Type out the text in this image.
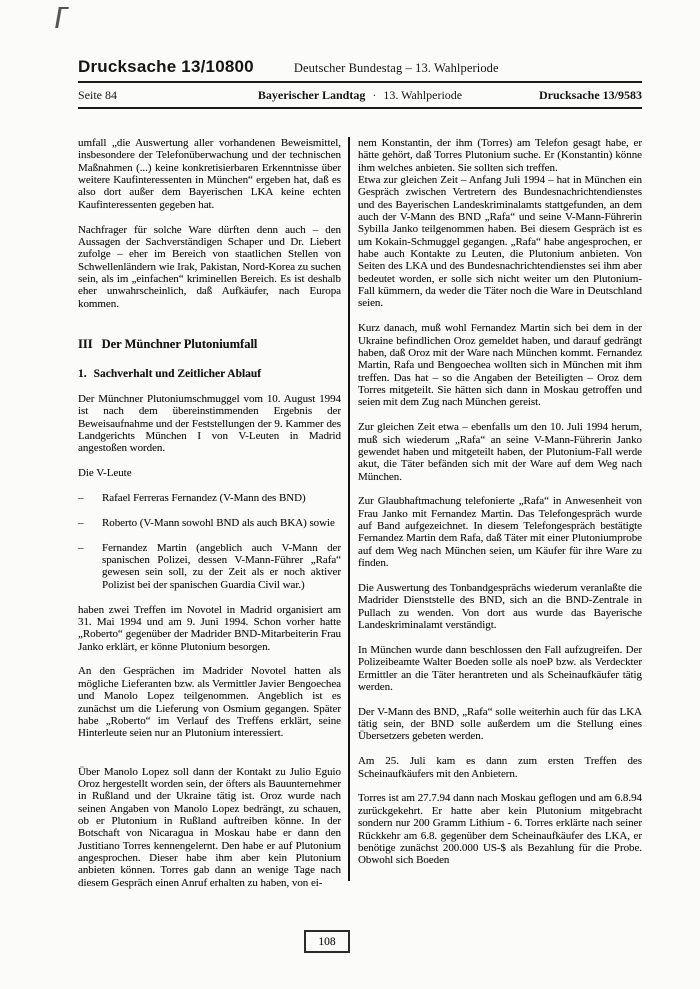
Drucksache 13/10800	Deutscher Bundestag – 13. Wahlperiode
Seite 84	Bayerischer Landtag · 13. Wahlperiode	Drucksache 13/9583

umfall „die Auswertung aller vorhandenen Beweismittel, insbesondere der Telefonüberwachung und der technischen Maßnahmen (...) keine konkretisierbaren Erkenntnisse über weitere Kaufinteressenten in München“ ergeben hat, daß es also dort außer dem Bayerischen LKA keine echten Kaufinteressenten gegeben hat.

Nachfrager für solche Ware dürften denn auch – den Aussagen der Sachverständigen Schaper und Dr. Liebert zufolge – eher im Bereich von staatlichen Stellen von Schwellenländern wie Irak, Pakistan, Nord-Korea zu suchen sein, als im „einfachen“ kriminellen Bereich. Es ist deshalb eher unwahrscheinlich, daß Aufkäufer, nach Europa kommen.

III Der Münchner Plutoniumfall
1. Sachverhalt und Zeitlicher Ablauf

Der Münchner Plutoniumschmuggel vom 10. August 1994 ist nach dem übereinstimmenden Ergebnis der Beweisaufnahme und der Feststellungen der 9. Kammer des Landgerichts München I von V-Leuten in Madrid angestoßen worden.

Die V-Leute

–	Rafael Ferreras Fernandez (V-Mann des BND)
–	Roberto (V-Mann sowohl BND als auch BKA) sowie
–	Fernandez Martin (angeblich auch V-Mann der spanischen Polizei, dessen V-Mann-Führer „Rafa“ gewesen sein soll, zu der Zeit als er noch aktiver Polizist bei der spanischen Guardia Civil war.)

haben zwei Treffen im Novotel in Madrid organisiert am 31. Mai 1994 und am 9. Juni 1994. Schon vorher hatte „Roberto“ gegenüber der Madrider BND-Mitarbeiterin Frau Janko erklärt, er könne Plutonium besorgen.

An den Gesprächen im Madrider Novotel hatten als mögliche Lieferanten bzw. als Vermittler Javier Bengoechea und Manolo Lopez teilgenommen. Angeblich ist es zunächst um die Lieferung von Osmium gegangen. Später habe „Roberto“ im Verlauf des Treffens erklärt, seine Hinterleute seien nur an Plutonium interessiert.

Über Manolo Lopez soll dann der Kontakt zu Julio Eguio Oroz hergestellt worden sein, der öfters als Bauunternehmer in Rußland und der Ukraine tätig ist. Oroz wurde nach seinen Angaben von Manolo Lopez bedrängt, zu schauen, ob er Plutonium in Rußland auftreiben könne. In der Botschaft von Nicaragua in Moskau habe er dann den Justitiano Torres kennengelernt. Den habe er auf Plutonium angesprochen. Dieser habe ihm aber kein Plutonium anbieten können. Torres gab dann an wenige Tage nach diesem Gespräch einen Anruf erhalten zu haben, von ei-

nem Konstantin, der ihm (Torres) am Telefon gesagt habe, er hätte gehört, daß Torres Plutonium suche. Er (Konstantin) könne ihm welches anbieten. Sie sollten sich treffen.

Etwa zur gleichen Zeit – Anfang Juli 1994 – hat in München ein Gespräch zwischen Vertretern des Bundesnachrichtendienstes und des Bayerischen Landeskriminalamts stattgefunden, an dem auch der V-Mann des BND „Rafa“ und seine V-Mann-Führerin Sybilla Janko teilgenommen haben. Bei diesem Gespräch ist es um Kokain-Schmuggel gegangen. „Rafa“ habe angesprochen, er habe auch Kontakte zu Leuten, die Plutonium anbieten. Von Seiten des LKA und des Bundesnachrichtendienstes sei ihm aber bedeutet worden, er solle sich nicht weiter um den Plutonium-Fall kümmern, da weder die Täter noch die Ware in Deutschland seien.

Kurz danach, muß wohl Fernandez Martin sich bei dem in der Ukraine befindlichen Oroz gemeldet haben, und darauf gedrängt haben, daß Oroz mit der Ware nach München kommt. Fernandez Martin, Rafa und Bengoechea wollten sich in München mit ihm treffen. Das hat – so die Angaben der Beteiligten – Oroz dem Torres mitgeteilt. Sie hätten sich dann in Moskau getroffen und seien mit dem Zug nach München gereist.

Zur gleichen Zeit etwa – ebenfalls um den 10. Juli 1994 herum, muß sich wiederum „Rafa“ an seine V-Mann-Führerin Janko gewendet haben und mitgeteilt haben, der Plutonium-Fall werde akut, die Täter befänden sich mit der Ware auf dem Weg nach München.

Zur Glaubhaftmachung telefonierte „Rafa“ in Anwesenheit von Frau Janko mit Fernandez Martin. Das Telefongespräch wurde auf Band aufgezeichnet. In diesem Telefongespräch bestätigte Fernandez Martin dem Rafa, daß Täter mit einer Plutoniumprobe auf dem Weg nach München seien, um Käufer für ihre Ware zu finden.

Die Auswertung des Tonbandgesprächs wiederum veranlaßte die Madrider Dienststelle des BND, sich an die BND-Zentrale in Pullach zu wenden. Von dort aus wurde das Bayerische Landeskriminalamt verständigt.

In München wurde dann beschlossen den Fall aufzugreifen. Der Polizeibeamte Walter Boeden solle als noeP bzw. als Verdeckter Ermittler an die Täter herantreten und als Scheinaufkäufer tätig werden.

Der V-Mann des BND, „Rafa“ solle weiterhin auch für das LKA tätig sein, der BND solle außerdem um die Stellung eines Übersetzers gebeten werden.

Am 25. Juli kam es dann zum ersten Treffen des Scheinaufkäufers mit den Anbietern.

Torres ist am 27.7.94 dann nach Moskau geflogen und am 6.8.94 zurückgekehrt. Er hatte aber kein Plutonium mitgebracht sondern nur 200 Gramm Lithium - 6. Torres erklärte nach seiner Rückkehr am 6.8. gegenüber dem Scheinaufkäufer des LKA, er benötige zunächst 200.000 US-$ als Bezahlung für die Probe. Obwohl sich Boeden

108
